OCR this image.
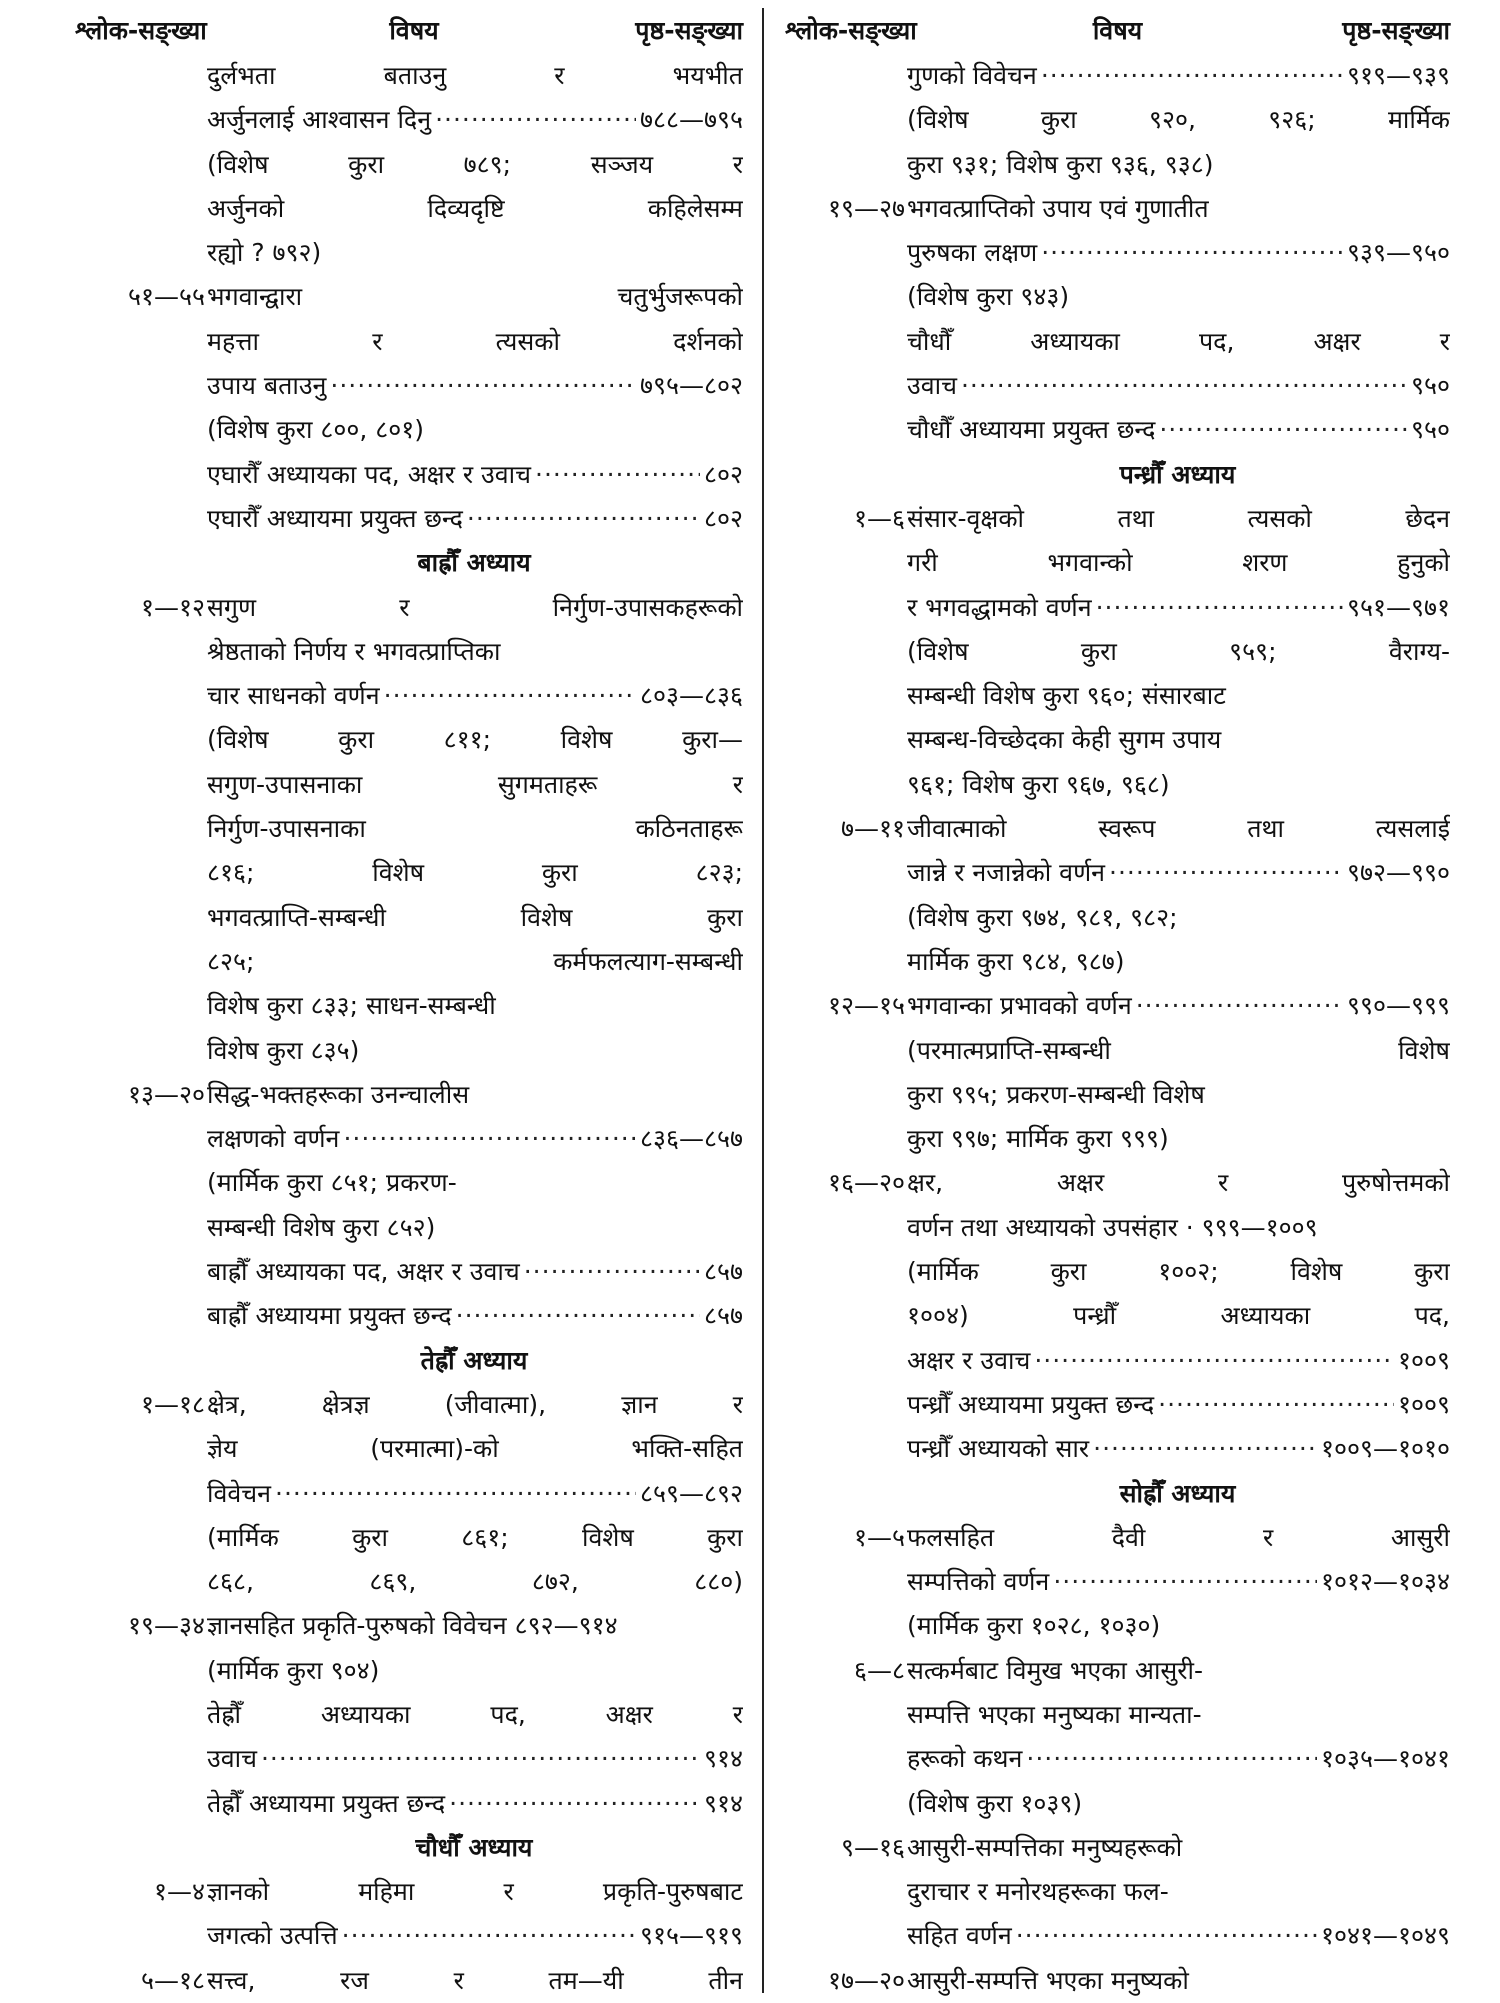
श्लोक-सङ्ख्या	विषय	पृष्ठ-सङ्ख्या
दुर्लभता बताउनु र भयभीत
अर्जुनलाई आश्वासन दिनु ·····	७८८—७९५
(विशेष कुरा ७८९; सञ्जय र
अर्जुनको दिव्यदृष्टि कहिलेसम्म
रह्यो ? ७९२)
५१—५५ भगवान्द्वारा चतुर्भुजरूपको
महत्ता र त्यसको दर्शनको
उपाय बताउनु ·····	७९५—८०२
(विशेष कुरा ८००, ८०१)
एघारौँ अध्यायका पद, अक्षर र उवाच ·····	८०२
एघारौँ अध्यायमा प्रयुक्त छन्द ·····	८०२
बाह्रौँ अध्याय
१—१२ सगुण र निर्गुण-उपासकहरूको
श्रेष्ठताको निर्णय र भगवत्प्राप्तिका
चार साधनको वर्णन ·····	८०३—८३६
(विशेष कुरा ८११; विशेष कुरा—
सगुण-उपासनाका सुगमताहरू र
निर्गुण-उपासनाका कठिनताहरू
८१६; विशेष कुरा ८२३;
भगवत्प्राप्ति-सम्बन्धी विशेष कुरा
८२५; कर्मफलत्याग-सम्बन्धी
विशेष कुरा ८३३; साधन-सम्बन्धी
विशेष कुरा ८३५)
१३—२० सिद्ध-भक्तहरूका उनन्चालीस
लक्षणको वर्णन ·····	८३६—८५७
(मार्मिक कुरा ८५१; प्रकरण-
सम्बन्धी विशेष कुरा ८५२)
बाह्रौँ अध्यायका पद, अक्षर र उवाच ·····	८५७
बाह्रौँ अध्यायमा प्रयुक्त छन्द ·····	८५७
तेह्रौँ अध्याय
१—१८ क्षेत्र, क्षेत्रज्ञ (जीवात्मा), ज्ञान र
ज्ञेय (परमात्मा)-को भक्ति-सहित
विवेचन ·····	८५९—८९२
(मार्मिक कुरा ८६१; विशेष कुरा
८६८, ८६९, ८७२, ८८०)
१९—३४ ज्ञानसहित प्रकृति-पुरुषको विवेचन ८९२—९१४
(मार्मिक कुरा ९०४)
तेह्रौँ अध्यायका पद, अक्षर र
उवाच ·····	९१४
तेह्रौँ अध्यायमा प्रयुक्त छन्द ·····	९१४
चौधौँ अध्याय
१—४ ज्ञानको महिमा र प्रकृति-पुरुषबाट
जगत्को उत्पत्ति ·····	९१५—९१९
५—१८ सत्त्व, रज र तम—यी तीन
श्लोक-सङ्ख्या	विषय	पृष्ठ-सङ्ख्या
गुणको विवेचन ·····	९१९—९३९
(विशेष कुरा ९२०, ९२६; मार्मिक
कुरा ९३१; विशेष कुरा ९३६, ९३८)
१९—२७ भगवत्प्राप्तिको उपाय एवं गुणातीत
पुरुषका लक्षण ·····	९३९—९५०
(विशेष कुरा ९४३)
चौधौँ अध्यायका पद, अक्षर र
उवाच ·····	९५०
चौधौँ अध्यायमा प्रयुक्त छन्द ·····	९५०
पन्ध्रौँ अध्याय
१—६ संसार-वृक्षको तथा त्यसको छेदन
गरी भगवान्को शरण हुनुको
र भगवद्धामको वर्णन ·····	९५१—९७१
(विशेष कुरा ९५९; वैराग्य-
सम्बन्धी विशेष कुरा ९६०; संसारबाट
सम्बन्ध-विच्छेदका केही सुगम उपाय
९६१; विशेष कुरा ९६७, ९६८)
७—११ जीवात्माको स्वरूप तथा त्यसलाई
जान्ने र नजान्नेको वर्णन ·····	९७२—९९०
(विशेष कुरा ९७४, ९८१, ९८२;
मार्मिक कुरा ९८४, ९८७)
१२—१५ भगवान्का प्रभावको वर्णन ·····	९९०—९९९
(परमात्मप्राप्ति-सम्बन्धी विशेष
कुरा ९९५; प्रकरण-सम्बन्धी विशेष
कुरा ९९७; मार्मिक कुरा ९९९)
१६—२० क्षर, अक्षर र पुरुषोत्तमको
वर्णन तथा अध्यायको उपसंहार · ९९९—१००९
(मार्मिक कुरा १००२; विशेष कुरा
१००४) पन्ध्रौँ अध्यायका पद,
अक्षर र उवाच ·····	१००९
पन्ध्रौँ अध्यायमा प्रयुक्त छन्द ·····	१००९
पन्ध्रौँ अध्यायको सार ·····	१००९—१०१०
सोह्रौँ अध्याय
१—५ फलसहित दैवी र आसुरी
सम्पत्तिको वर्णन ·····	१०१२—१०३४
(मार्मिक कुरा १०२८, १०३०)
६—८ सत्कर्मबाट विमुख भएका आसुरी-
सम्पत्ति भएका मनुष्यका मान्यता-
हरूको कथन ·····	१०३५—१०४१
(विशेष कुरा १०३९)
९—१६ आसुरी-सम्पत्तिका मनुष्यहरूको
दुराचार र मनोरथहरूका फल-
सहित वर्णन ·····	१०४१—१०४९
१७—२० आसुरी-सम्पत्ति भएका मनुष्यको
